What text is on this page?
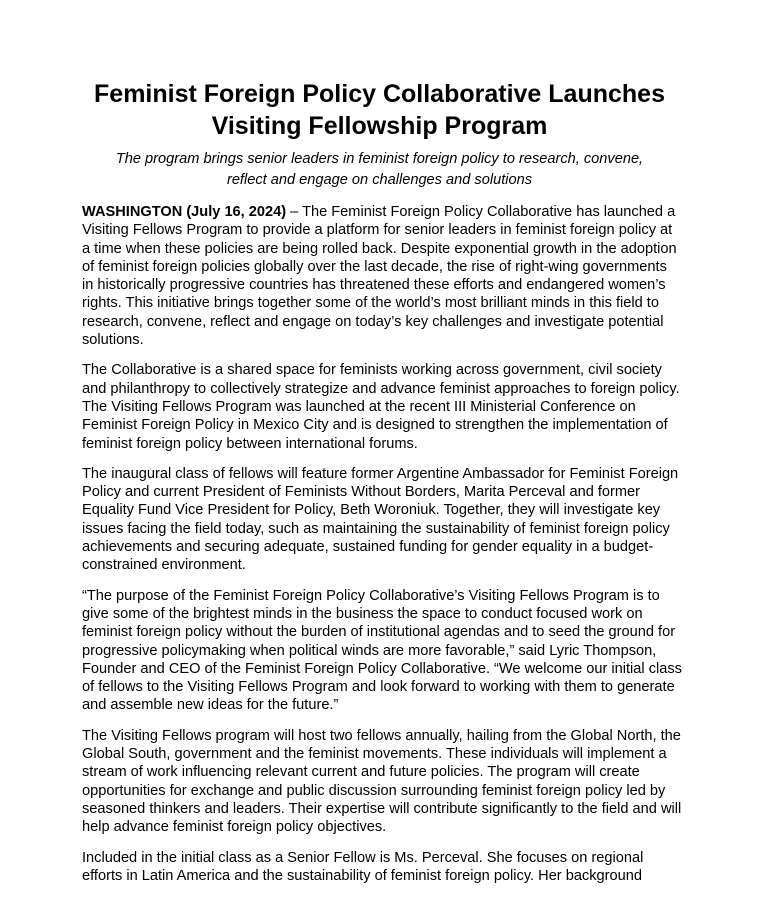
Feminist Foreign Policy Collaborative Launches
Visiting Fellowship Program

The program brings senior leaders in feminist foreign policy to research, convene,
reflect and engage on challenges and solutions

WASHINGTON (July 16, 2024) – The Feminist Foreign Policy Collaborative has launched a Visiting Fellows Program to provide a platform for senior leaders in feminist foreign policy at a time when these policies are being rolled back. Despite exponential growth in the adoption of feminist foreign policies globally over the last decade, the rise of right-wing governments in historically progressive countries has threatened these efforts and endangered women’s rights. This initiative brings together some of the world’s most brilliant minds in this field to research, convene, reflect and engage on today’s key challenges and investigate potential solutions.

The Collaborative is a shared space for feminists working across government, civil society and philanthropy to collectively strategize and advance feminist approaches to foreign policy. The Visiting Fellows Program was launched at the recent III Ministerial Conference on Feminist Foreign Policy in Mexico City and is designed to strengthen the implementation of feminist foreign policy between international forums.

The inaugural class of fellows will feature former Argentine Ambassador for Feminist Foreign Policy and current President of Feminists Without Borders, Marita Perceval and former Equality Fund Vice President for Policy, Beth Woroniuk. Together, they will investigate key issues facing the field today, such as maintaining the sustainability of feminist foreign policy achievements and securing adequate, sustained funding for gender equality in a budget-constrained environment.

“The purpose of the Feminist Foreign Policy Collaborative’s Visiting Fellows Program is to give some of the brightest minds in the business the space to conduct focused work on feminist foreign policy without the burden of institutional agendas and to seed the ground for progressive policymaking when political winds are more favorable,” said Lyric Thompson, Founder and CEO of the Feminist Foreign Policy Collaborative. “We welcome our initial class of fellows to the Visiting Fellows Program and look forward to working with them to generate and assemble new ideas for the future.”

The Visiting Fellows program will host two fellows annually, hailing from the Global North, the Global South, government and the feminist movements. These individuals will implement a stream of work influencing relevant current and future policies. The program will create opportunities for exchange and public discussion surrounding feminist foreign policy led by seasoned thinkers and leaders. Their expertise will contribute significantly to the field and will help advance feminist foreign policy objectives.

Included in the initial class as a Senior Fellow is Ms. Perceval. She focuses on regional efforts in Latin America and the sustainability of feminist foreign policy. Her background
